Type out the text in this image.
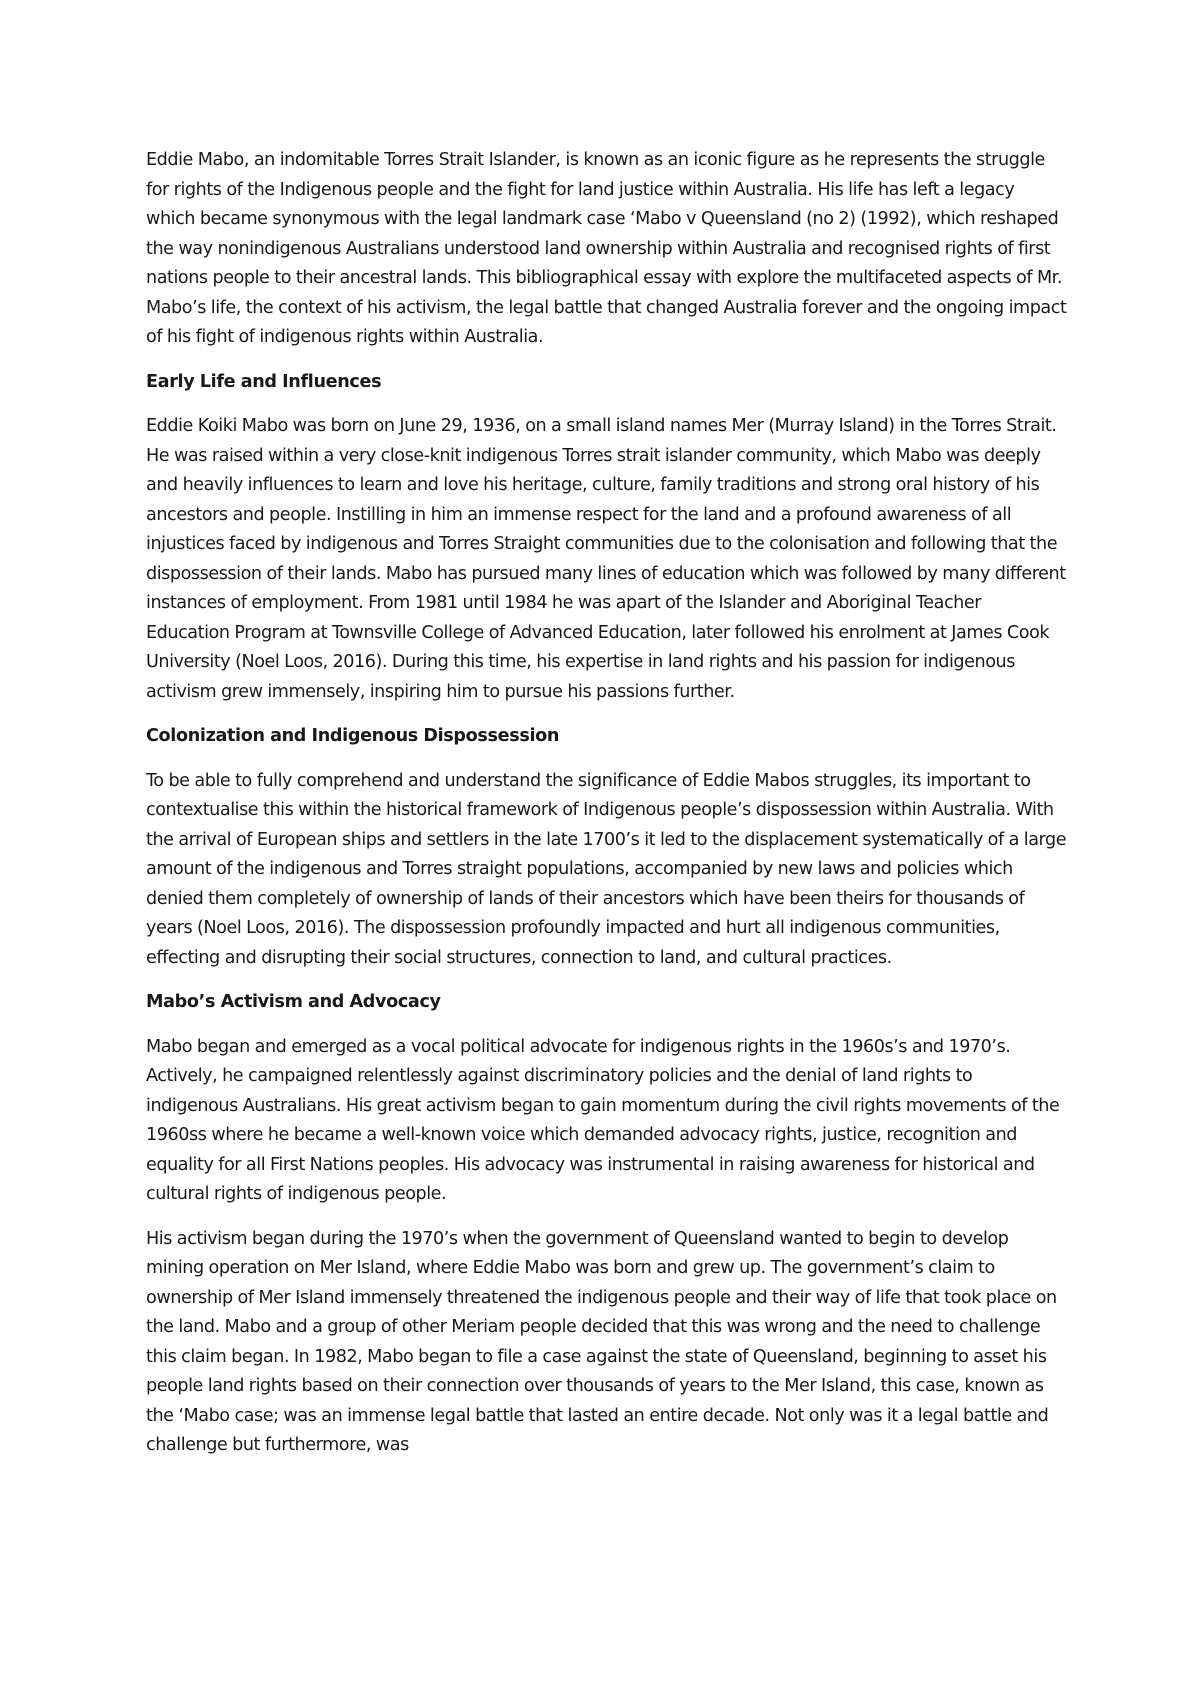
Eddie Mabo, an indomitable Torres Strait Islander, is known as an iconic figure as he represents the struggle for rights of the Indigenous people and the fight for land justice within Australia. His life has left a legacy which became synonymous with the legal landmark case ‘Mabo v Queensland (no 2) (1992), which reshaped the way nonindigenous Australians understood land ownership within Australia and recognised rights of first nations people to their ancestral lands. This bibliographical essay with explore the multifaceted aspects of Mr. Mabo’s life, the context of his activism, the legal battle that changed Australia forever and the ongoing impact of his fight of indigenous rights within Australia.

Early Life and Influences

Eddie Koiki Mabo was born on June 29, 1936, on a small island names Mer (Murray Island) in the Torres Strait. He was raised within a very close-knit indigenous Torres strait islander community, which Mabo was deeply and heavily influences to learn and love his heritage, culture, family traditions and strong oral history of his ancestors and people. Instilling in him an immense respect for the land and a profound awareness of all injustices faced by indigenous and Torres Straight communities due to the colonisation and following that the dispossession of their lands. Mabo has pursued many lines of education which was followed by many different instances of employment. From 1981 until 1984 he was apart of the Islander and Aboriginal Teacher Education Program at Townsville College of Advanced Education, later followed his enrolment at James Cook University (Noel Loos, 2016). During this time, his expertise in land rights and his passion for indigenous activism grew immensely, inspiring him to pursue his passions further.

Colonization and Indigenous Dispossession

To be able to fully comprehend and understand the significance of Eddie Mabos struggles, its important to contextualise this within the historical framework of Indigenous people’s dispossession within Australia. With the arrival of European ships and settlers in the late 1700’s it led to the displacement systematically of a large amount of the indigenous and Torres straight populations, accompanied by new laws and policies which denied them completely of ownership of lands of their ancestors which have been theirs for thousands of years (Noel Loos, 2016). The dispossession profoundly impacted and hurt all indigenous communities, effecting and disrupting their social structures, connection to land, and cultural practices.

Mabo’s Activism and Advocacy

Mabo began and emerged as a vocal political advocate for indigenous rights in the 1960s’s and 1970’s. Actively, he campaigned relentlessly against discriminatory policies and the denial of land rights to indigenous Australians. His great activism began to gain momentum during the civil rights movements of the 1960ss where he became a well-known voice which demanded advocacy rights, justice, recognition and equality for all First Nations peoples. His advocacy was instrumental in raising awareness for historical and cultural rights of indigenous people.

His activism began during the 1970’s when the government of Queensland wanted to begin to develop mining operation on Mer Island, where Eddie Mabo was born and grew up. The government’s claim to ownership of Mer Island immensely threatened the indigenous people and their way of life that took place on the land. Mabo and a group of other Meriam people decided that this was wrong and the need to challenge this claim began. In 1982, Mabo began to file a case against the state of Queensland, beginning to asset his people land rights based on their connection over thousands of years to the Mer Island, this case, known as the ‘Mabo case; was an immense legal battle that lasted an entire decade. Not only was it a legal battle and challenge but furthermore, was
